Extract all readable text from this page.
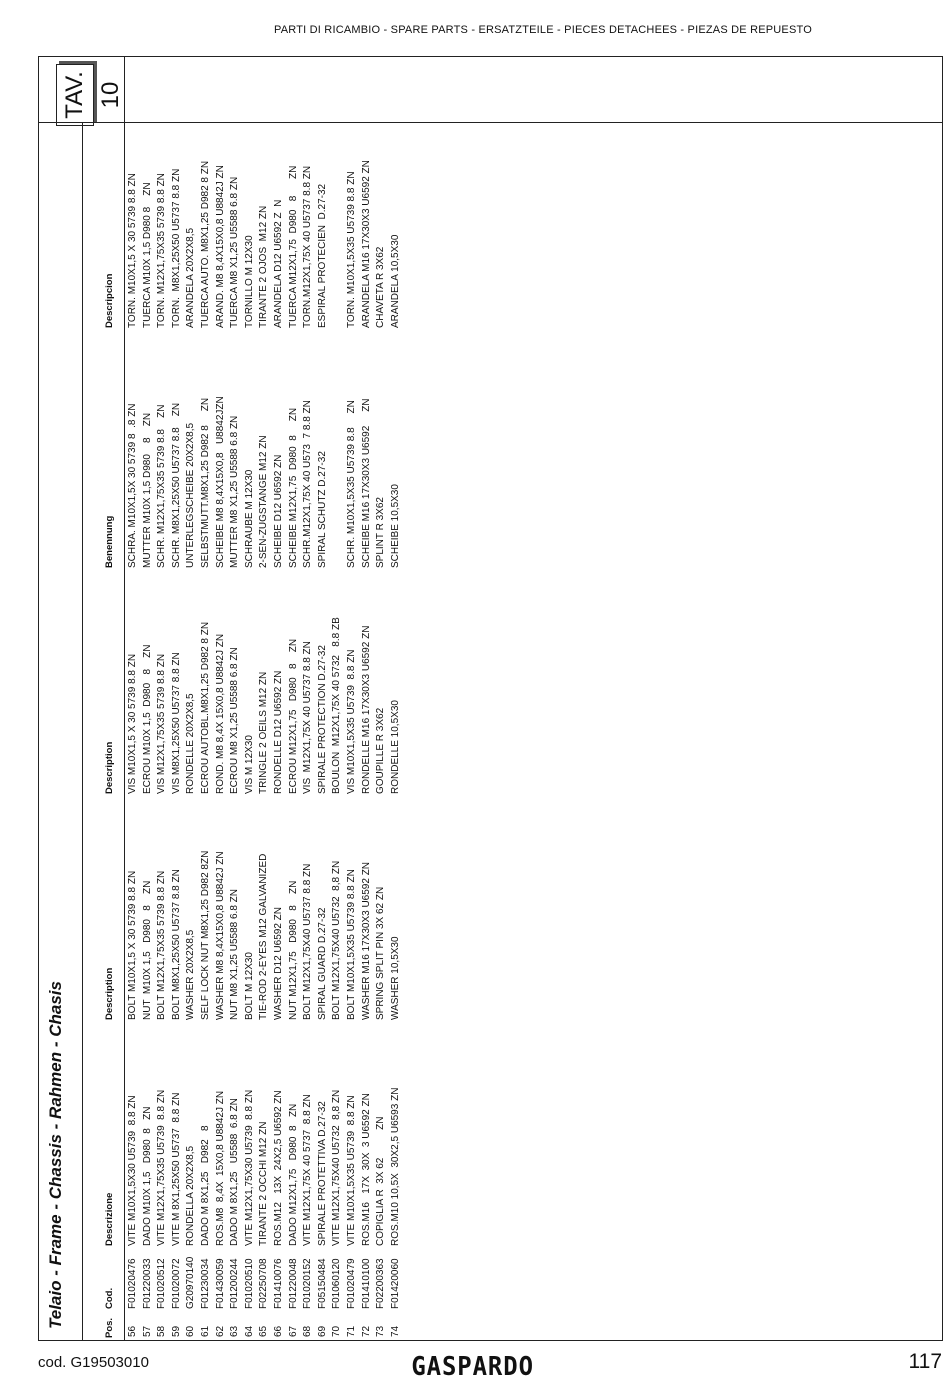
PARTI DI RICAMBIO - SPARE PARTS - ERSATZTEILE - PIECES DETACHEES - PIEZAS DE REPUESTO
Telaio - Frame - Chassis - Rahmen - Chasis
TAV. 10
Pos.
Cod.
Descrizione
Description
Description
Benennung
Descripcion
56 57 58 59 60 61 62 63 64 65 66 67 68 69 70 71 72 73 74
F01020476 F01220033 F01020512 F01020072 G20970140 F01230034 F01430059 F01200244 F01020510 F02250708 F01410076 F01220048 F01020152 F05150484 F01060120 F01020479 F01410100 F02200363 F01420060
VITE M10X1,5X30 U5739  8.8 ZN DADO M10X 1,5   D980  8   ZN VITE M12X1,75X35 U5739  8.8 ZN VITE M 8X1,25X50 U5737  8.8 ZN RONDELLA 20X2X8,5 DADO M 8X1,25   D982   8 ROS.M8  8,4X  15X0,8 U8842J ZN DADO M 8X1,25   U5588  6.8 ZN VITE M12X1,75X30 U5739  8.8 ZN TIRANTE 2 OCCHI M12 ZN ROS.M12   13X  24X2,5 U6592 ZN DADO M12X1,75   D980  8   ZN VITE M12X1,75X 40 5737  8.8 ZN SPIRALE PROTETTIVA D.27-32 VITE M12X1,75X40 U5732  8,8 ZN VITE M10X1,5X35 U5739  8.8 ZN ROS.M16   17X  30X  3 U6592 ZN COPIGLIA R  3X 62          ZN ROS.M10 10,5X  30X2,5 U6593 ZN
BOLT M10X1,5 X 30 5739 8.8 ZN NUT  M10X 1,5   D980   8    ZN BOLT M12X1,75X35 5739 8.8 ZN BOLT M8X1,25X50 U5737 8.8 ZN WASHER 20X2X8,5 SELF LOCK NUT M8X1,25 D982 8ZN WASHER M8 8,4X15X0,8 U8842J ZN NUT M8 X1,25 U5588 6.8 ZN BOLT M 12X30 TIE-ROD 2-EYES M12 GALVANIZED WASHER D12 U6592 ZN NUT M12X1,75   D980   8    ZN BOLT M12X1,75X40 U5737 8.8 ZN SPIRAL GUARD D.27-32 BOLT M12X1,75X40 U5732  8,8 ZN BOLT M10X1,5X35 U5739 8.8 ZN WASHER M16 17X30X3 U6592 ZN SPRING SPLIT PIN 3X 62 ZN WASHER 10,5X30
VIS M10X1,5 X 30 5739 8.8 ZN ECROU M10X 1,5  D980   8    ZN VIS M12X1,75X35 5739 8.8 ZN VIS M8X1,25X50 U5737 8.8 ZN RONDELLE 20X2X8,5 ECROU AUTOBL.M8X1,25 D982 8 ZN ROND. M8 8,4X 15X0,8 U8842J ZN ECROU M8 X1,25 U5588 6.8 ZN VIS M 12X30 TRINGLE 2 OEILS M12 ZN RONDELLE D12 U6592 ZN ECROU M12X1,75   D980   8    ZN VIS  M12X1,75X 40 U5737 8.8 ZN SPIRALE PROTECTION D.27-32 BOULON  M12X1,75X 40 5732   8.8 ZB VIS M10X1,5X35 U5739  8.8 ZN RONDELLE M16 17X30X3 U6592 ZN GOUPILLE R 3X62 RONDELLE 10,5X30
SCHRA. M10X1,5X 30 5739 8  .8 ZN MUTTER M10X 1,5 D980    8    ZN SCHR. M12X1,75X35 5739 8.8    ZN SCHR. M8X1,25X50 U5737 8.8    ZN UNTERLEGSCHEIBE 20X2X8,5 SELBSTMUTT.M8X1,25 D982 8     ZN SCHEIBE M8 8,4X15X0,8   U8842JZN MUTTER M8 X1,25 U5588 6.8 ZN SCHRAUBE M 12X30 2-SEN-ZUGSTANGE M12 ZN SCHEIBE D12 U6592 ZN SCHEIBE M12X1,75  D980  8     ZN SCHR.M12X1,75X 40 U573  7 8.8 ZN SPIRAL SCHUTZ D.27-32 SCHR. M10X1,5X35 U5739 8.8     ZN SCHEIBE M16 17X30X3 U6592     ZN SPLINT R 3X62 SCHEIBE 10,5X30
TORN. M10X1,5 X 30 5739 8.8 ZN TUERCA M10X 1,5 D980 8    ZN TORN. M12X1,75X35 5739 8.8 ZN TORN.  M8X1,25X50 U5737 8.8 ZN ARANDELA 20X2X8,5 TUERCA AUTO. M8X1,25 D982 8 ZN ARAND. M8 8,4X15X0,8 U8842J ZN TUERCA M8 X1,25 U5588 6.8 ZN TORNILLO M 12X30 TIRANTE 2 OJOS  M12 ZN ARANDELA D12 U6592 Z  N TUERCA M12X1,75  D980   8      ZN TORN.M12X1,75X 40 U5737 8.8 ZN ESPIRAL PROTECIEN  D.27-32 TORN. M10X1,5X35 U5739 8.8 ZN ARANDELA M16 17X30X3 U6592 ZN CHAVETA R 3X62 ARANDELA 10,5X30
cod. G19503010	GASPARDO	117
